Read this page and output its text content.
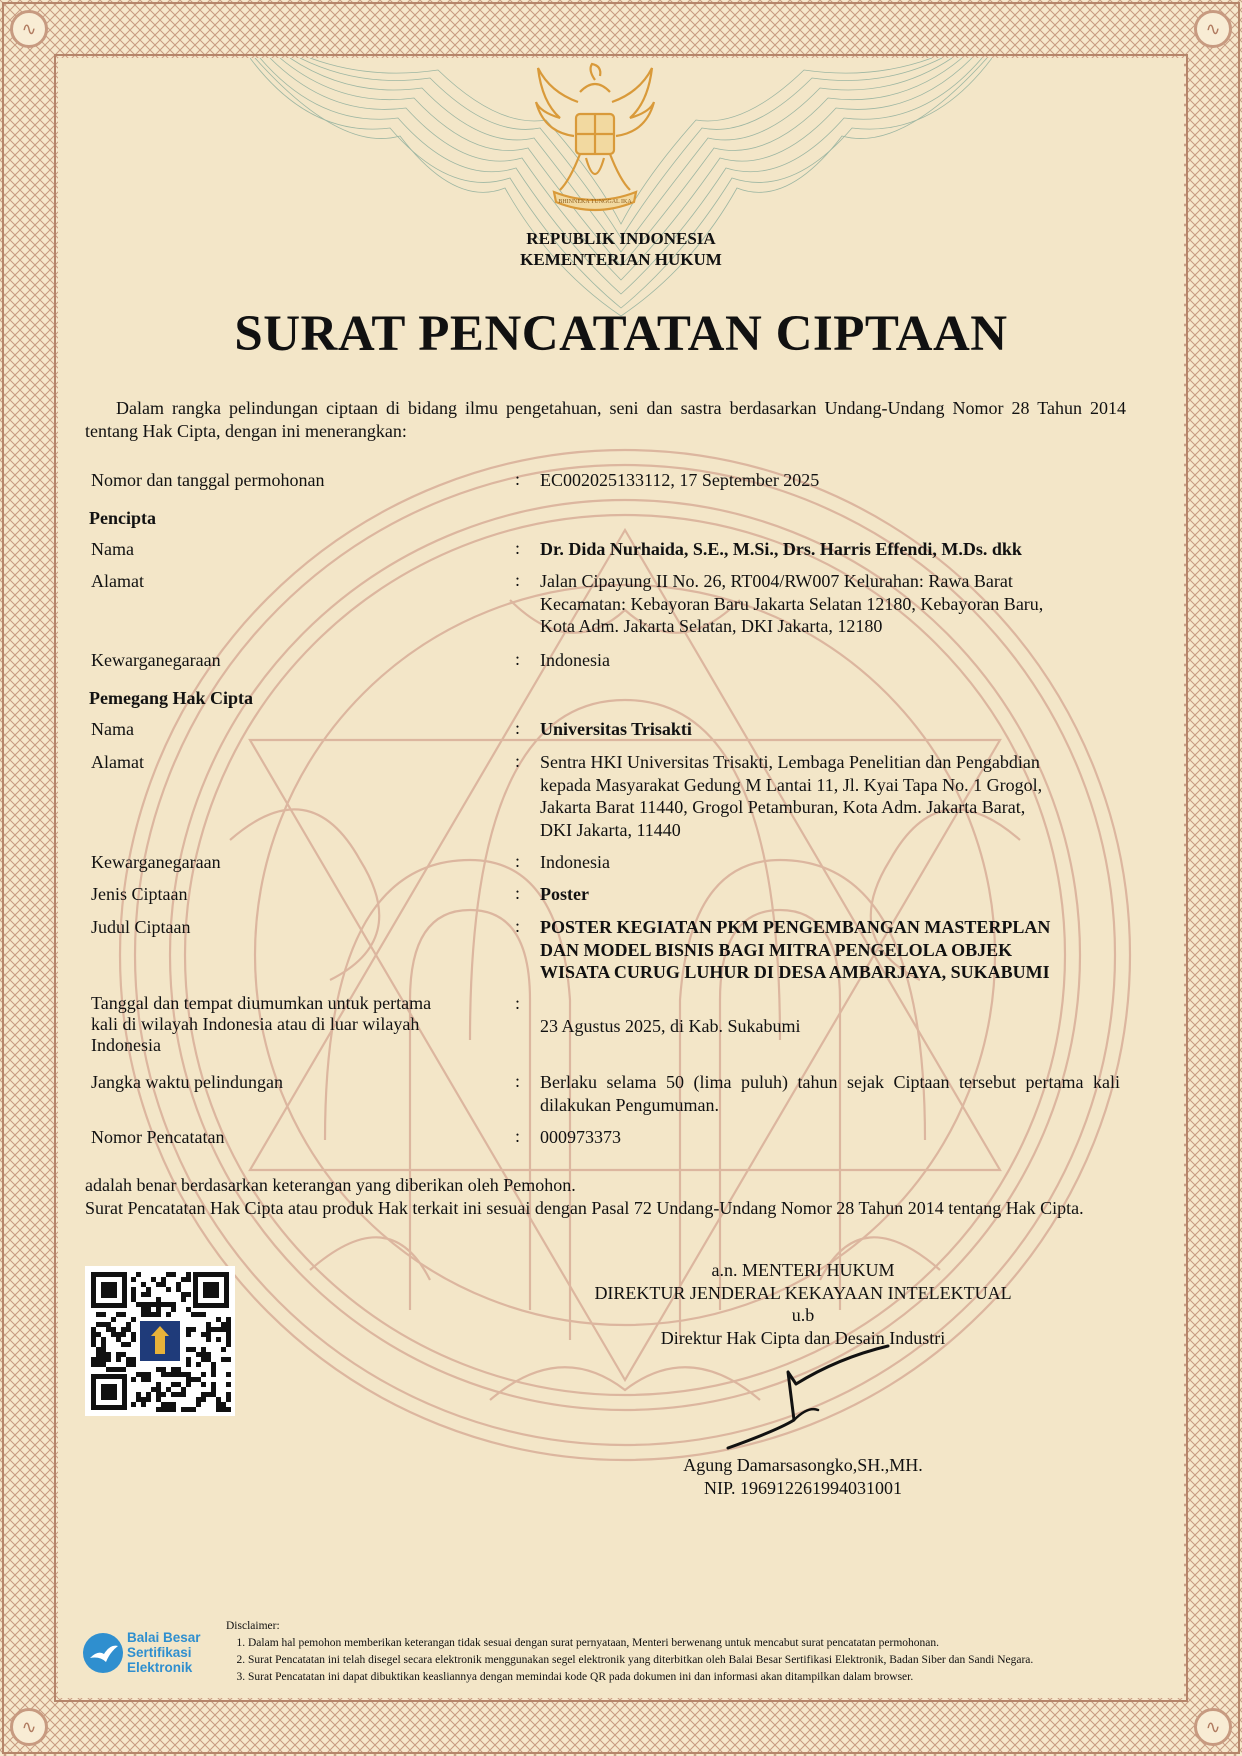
∿	∿
∿	∿
BHINNEKA TUNGGAL IKA
REPUBLIK INDONESIA
KEMENTERIAN HUKUM
SURAT PENCATATAN CIPTAAN
Dalam rangka pelindungan ciptaan di bidang ilmu pengetahuan, seni dan sastra berdasarkan Undang-Undang Nomor 28 Tahun 2014 tentang Hak Cipta, dengan ini menerangkan:
Nomor dan tanggal permohonan	: EC002025133112, 17 September 2025
Pencipta
Nama	: Dr. Dida Nurhaida, S.E., M.Si., Drs. Harris Effendi, M.Ds. dkk
Alamat	: Jalan Cipayung II No. 26, RT004/RW007 Kelurahan: Rawa Barat
Kecamatan: Kebayoran Baru Jakarta Selatan 12180, Kebayoran Baru,
Kota Adm. Jakarta Selatan, DKI Jakarta, 12180
Kewarganegaraan	: Indonesia
Pemegang Hak Cipta
Nama	: Universitas Trisakti
Alamat	: Sentra HKI Universitas Trisakti, Lembaga Penelitian dan Pengabdian
kepada Masyarakat Gedung M Lantai 11, Jl. Kyai Tapa No. 1 Grogol,
Jakarta Barat 11440, Grogol Petamburan, Kota Adm. Jakarta Barat,
DKI Jakarta, 11440
Kewarganegaraan	: Indonesia
Jenis Ciptaan	: Poster
Judul Ciptaan	: POSTER KEGIATAN PKM PENGEMBANGAN MASTERPLAN
DAN MODEL BISNIS BAGI MITRA PENGELOLA OBJEK
WISATA CURUG LUHUR DI DESA AMBARJAYA, SUKABUMI
Tanggal dan tempat diumumkan untuk pertama
kali di wilayah Indonesia atau di luar wilayah
Indonesia
:
23 Agustus 2025, di Kab. Sukabumi
Jangka waktu pelindungan	: Berlaku selama 50 (lima puluh) tahun sejak Ciptaan tersebut pertama kali dilakukan Pengumuman.
Nomor Pencatatan	: 000973373
adalah benar berdasarkan keterangan yang diberikan oleh Pemohon.
Surat Pencatatan Hak Cipta atau produk Hak terkait ini sesuai dengan Pasal 72 Undang-Undang Nomor 28 Tahun 2014 tentang Hak Cipta.
a.n. MENTERI HUKUM
DIREKTUR JENDERAL KEKAYAAN INTELEKTUAL
u.b
Direktur Hak Cipta dan Desain Industri
Agung Damarsasongko,SH.,MH.
NIP. 196912261994031001
Balai Besar
Sertifikasi
Elektronik
Disclaimer:
1. Dalam hal pemohon memberikan keterangan tidak sesuai dengan surat pernyataan, Menteri berwenang untuk mencabut surat pencatatan permohonan.
2. Surat Pencatatan ini telah disegel secara elektronik menggunakan segel elektronik yang diterbitkan oleh Balai Besar Sertifikasi Elektronik, Badan Siber dan Sandi Negara.
3. Surat Pencatatan ini dapat dibuktikan keasliannya dengan memindai kode QR pada dokumen ini dan informasi akan ditampilkan dalam browser.
